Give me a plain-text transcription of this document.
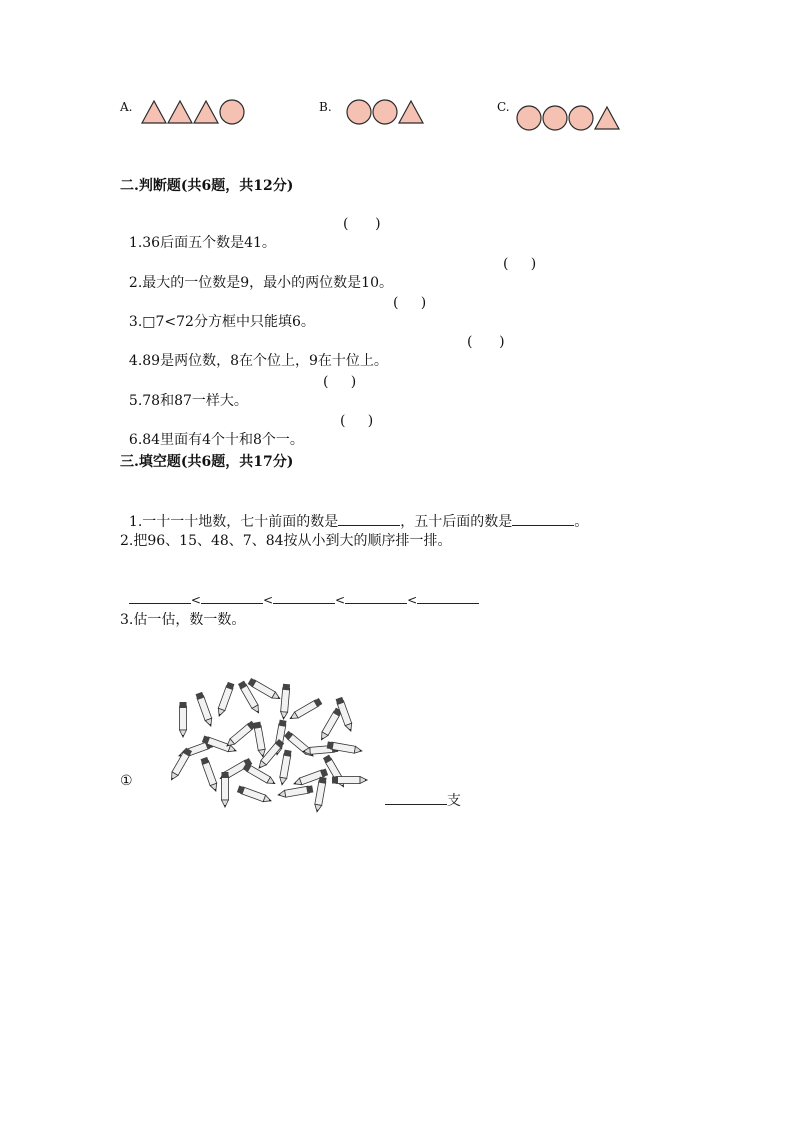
A.	B.	C.
二.判断题(共6题，共12分)

1.36后面五个数是41。

(      )

2.最大的一位数是9，最小的两位数是10。

(     )

3.□7<72分方框中只能填6。

(     )

4.89是两位数，8在个位上，9在十位上。

(      )

5.78和87一样大。

(     )

6.84里面有4个十和8个一。

(     )
三.填空题(共6题，共17分)

1.一十一十地数，七十前面的数是	，五十后面的数是	。

2.把96、15、48、7、84按从小到大的顺序排一排。

<	<	<	<

3.估一估，数一数。
①

支
